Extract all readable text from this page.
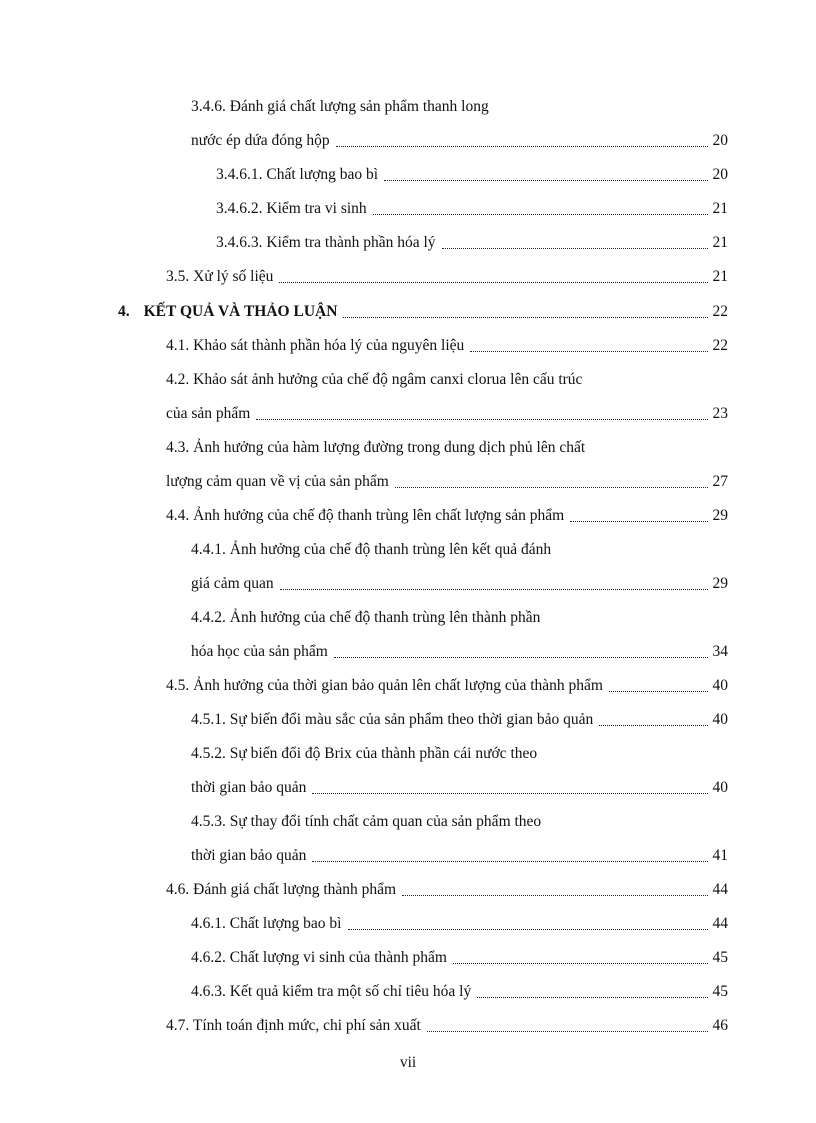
3.4.6. Đánh giá chất lượng sản phẩm thanh long
nước ép dứa đóng hộp	20
3.4.6.1. Chất lượng bao bì	20
3.4.6.2. Kiểm tra vi sinh	21
3.4.6.3. Kiểm tra thành phần hóa lý	21
3.5. Xử lý số liệu	21
4. KẾT QUẢ VÀ THẢO LUẬN	22
4.1. Khảo sát thành phần hóa lý của nguyên liệu	22
4.2. Khảo sát ảnh hưởng của chế độ ngâm canxi clorua lên cấu trúc
của sản phẩm	23
4.3. Ảnh hưởng của hàm lượng đường trong dung dịch phủ lên chất
lượng cảm quan về vị của sản phẩm	27
4.4. Ảnh hưởng của chế độ thanh trùng lên chất lượng sản phẩm	29
4.4.1. Ảnh hưởng của chế độ thanh trùng lên kết quả đánh
giá cảm quan	29
4.4.2. Ảnh hưởng của chế độ thanh trùng lên thành phần
hóa học của sản phẩm	34
4.5. Ảnh hưởng của thời gian bảo quản lên chất lượng của thành phẩm	40
4.5.1. Sự biến đổi màu sắc của sản phẩm theo thời gian bảo quản	40
4.5.2. Sự biến đổi độ Brix của thành phần cái nước theo
thời gian bảo quản	40
4.5.3. Sự thay đổi tính chất cảm quan của sản phẩm theo
thời gian bảo quản	41
4.6. Đánh giá chất lượng thành phẩm	44
4.6.1. Chất lượng bao bì	44
4.6.2. Chất lượng vi sinh của thành phẩm	45
4.6.3. Kết quả kiểm tra một số chỉ tiêu hóa lý	45
4.7. Tính toán định mức, chi phí sản xuất	46
vii
